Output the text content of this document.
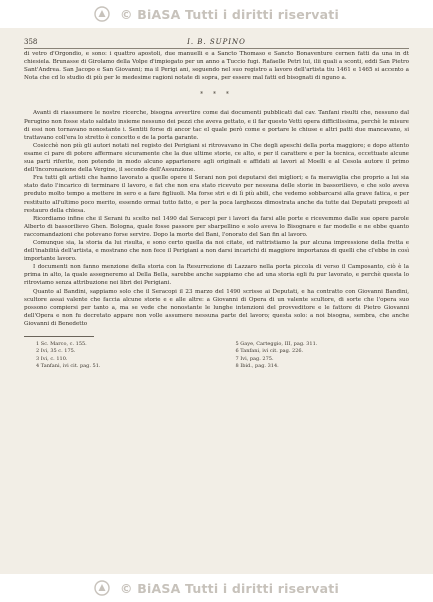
© BiASA Tutti i diritti riservati
358	I. B. SUPINO

di vetro d'Orgondio, e sono: i quattro apostoli, due manuelli e a Sancto Thomaso e Sancto Bonaventure cernen fatti da una in dt chiesiela. Brunasse di Girolamo della Volpe d'impiegato per un anno a Tuccio fugi. Rafaelle Petri lui, ilii quali a sconti, eddi San Pietro Sant'Andrea. San Jacopo e San Giovanni; ma il Perigi ani, seguendo nel suo registro a lavoro dell'artista tiu 1461 e 1465 si accento a Nota che cd lo studio di più per le medesime ragioni notate di sopra, per essere mal fatti ed bisognati di nguno a.

* * *

Avanti di riassumere le nostre ricerche, bisogna avvertire come dai documenti pubblicati dal cav. Tanfani risulti che, nessuno dal Perugino non fosse stato saldato insieme nessuno dei pezzi che aveva gettato, e il far questo Vetti opera difficilissima, perchè le misure di essi non tornavano nonostante i. Sentiti forse di ancor tac el quale però come e portare le chiuse e altri patti due mancavano, si trattavano coll'era lo stretto è concetto e de la porta garante.

Cosicchè non più gli autori notati nel registo dei Perigiani si ritrovavano in Che degli apeschi della porta maggiore; e dopo attento esame ci pare di potere affermare sicuramente che la due ultime storie, ce alto, e per il carattere e per la tecnica, eccettuate alcune sua parti riferite, non potendo in modo alcuno appartenere agli originali e affidati ai lavori al Moelli e al Cesola autore il primo dell'Incoronazione della Vergine, il secondo dell'Assunzione.

Fra tutti gli artisti che hanno lavorato a quelle opere il Serani non poi deputarsi dei migliori; e fa meraviglia che proprio a lui sia stato dato l'incarico di terminare il lavoro, e fat che non era stato ricevuto per nessuna delle storie in bassorilievo, e che solo aveva preduto molto tempo a mettere in sero e a fare figliuoli. Ma forse stri e di lì più abili, che vedemo sobbarcarsi alla grave fatica, e per restituito all'ultimo poco merito, essendo ormai tutto fatto, e per la poca larghezza dimostrata anche da tutte dai Deputati preposti al restauro della chiesa.

Ricordiamo infine che il Serani fu scelto nel 1490 dal Seracopi per i lavori da farsi alle porte e ricevemmo dalle sue opere parole Alberto di bassorilievo Ghen. Bologna, quale fosse passore per sbarpellino e solo aveva lo Bisognare e far modelle e ne ebbe quanto raccomandazioni che potevano forse servire. Dopo la morte del Bani, l'onorato del San fin al lavoro.

Comunque sia, la storia da lui risulta, e sono certo quella da noi citate, ed rattristiamo la pur alcuna impressione della fretta e dell'inabilità dell'artista, e mostrano che non fece il Perigiani a non darsi incarichi di maggiore importanza di quelli che cl'ebbe in così importante lavoro.

I documenti non fanno menzione della storia con la Resurrezione di Lazzaro nella porta piccola di verso il Camposanto, ciò è la prima in alto, la quale assegneremo al Della Bella, sarebbe anche sappiamo che ad una storia egli fu pur lavorato, e perchè questa lo ritroviamo senza attribuzione nei libri dei Perigiani.

Quanto al Bandini, sappiamo solo che il Seracopi il 23 marzo del 1490 scrisse ai Deputati, e ha contratto con Giovanni Bandini, scultore assai valente che faccia alcune storie e e alle altre: a Giovanni di Opera di un valente scultore, di sorte che l'opera suo possono compiersi per tanto a, ma se vede che nonostante le lunghe intenzioni del provveditore e le fattore di Pietro Giovanni dell'Opera e non fu decretato appare non volle assumere nessuna parte del lavoro; questa solo: a noi bisogna, sembra, che anche Giovanni di Benedetto

1 Sc. Marco, c. 155.	5 Gaye, Carteggio, III, pag. 311.
2 Ivi, 35 c. 175.	6 Tanfani, ivi cit. pag. 226.
3 Ivi, c. 110.	7 Ivi, pag. 275.
4 Tanfani, ivi cit. pag. 51.	8 Ibid., pag. 314.
© BiASA Tutti i diritti riservati
